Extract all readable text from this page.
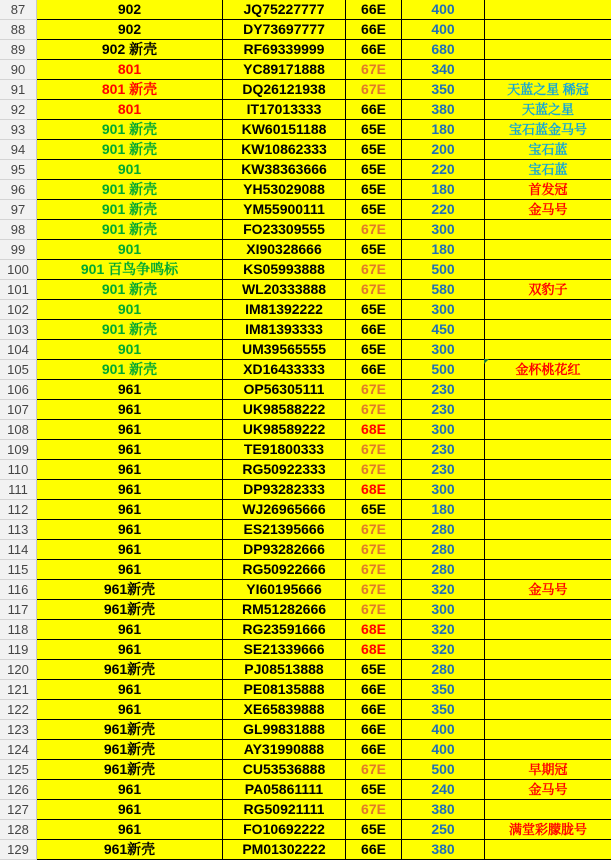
87	902	JQ75227777	66E	400
88	902	DY73697777	66E	400
89	902 新壳	RF69339999	66E	680
90	801	YC89171888	67E	340
91	801 新壳	DQ26121938	67E	350	天蓝之星 稀冠
92	801	IT17013333	66E	380	天蓝之星
93	901 新壳	KW60151188	65E	180	宝石蓝金马号
94	901 新壳	KW10862333	65E	200	宝石蓝
95	901	KW38363666	65E	220	宝石蓝
96	901 新壳	YH53029088	65E	180	首发冠
97	901 新壳	YM55900111	65E	220	金马号
98	901 新壳	FO23309555	67E	300
99	901	XI90328666	65E	180
100	901 百鸟争鸣标	KS05993888	67E	500
101	901 新壳	WL20333888	67E	580	双豹子
102	901	IM81392222	65E	300
103	901 新壳	IM81393333	66E	450
104	901	UM39565555	65E	300
105	901 新壳	XD16433333	66E	500	金杯桃花红
106	961	OP56305111	67E	230
107	961	UK98588222	67E	230
108	961	UK98589222	68E	300
109	961	TE91800333	67E	230
110	961	RG50922333	67E	230
111	961	DP93282333	68E	300
112	961	WJ26965666	65E	180
113	961	ES21395666	67E	280
114	961	DP93282666	67E	280
115	961	RG50922666	67E	280
116	961新壳	YI60195666	67E	320	金马号
117	961新壳	RM51282666	67E	300
118	961	RG23591666	68E	320
119	961	SE21339666	68E	320
120	961新壳	PJ08513888	65E	280
121	961	PE08135888	66E	350
122	961	XE65839888	66E	350
123	961新壳	GL99831888	66E	400
124	961新壳	AY31990888	66E	400
125	961新壳	CU53536888	67E	500	早期冠
126	961	PA05861111	65E	240	金马号
127	961	RG50921111	67E	380
128	961	FO10692222	65E	250	满堂彩朦胧号
129	961新壳	PM01302222	66E	380
